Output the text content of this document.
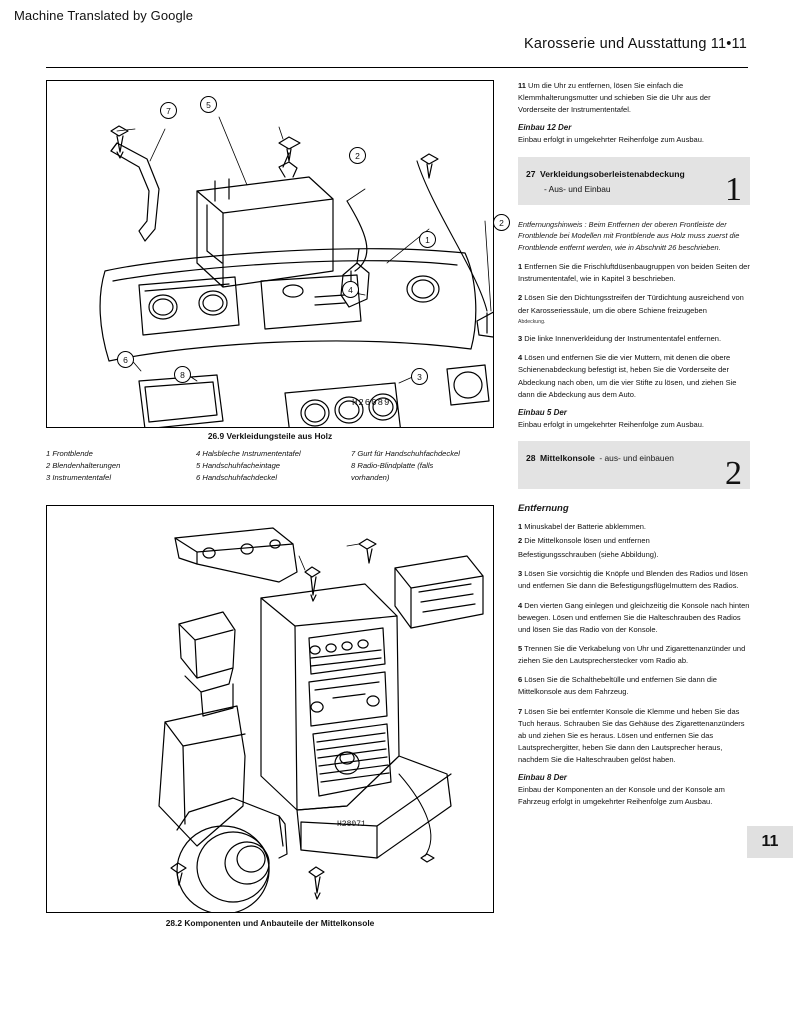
Machine Translated by Google
Karosserie und Ausstattung 11•11
7
5
2
1
2
4
6
8	3
H26089
26.9 Verkleidungsteile aus Holz
1 Frontblende
2 Blendenhalterungen
3 Instrumententafel
4 Halsbleche Instrumententafel
5 Handschuhfacheintage
6 Handschuhfachdeckel
7 Gurt für Handschuhfachdeckel
8 Radio-Blindplatte (falls
vorhanden)
H28071
28.2 Komponenten und Anbauteile der Mittelkonsole
11 Um die Uhr zu entfernen, lösen Sie einfach die Klemmhalterungsmutter und schieben Sie die Uhr aus der Vorderseite der Instrumententafel.
Einbau 12 Der
Einbau erfolgt in umgekehrter Reihenfolge zum Ausbau.
27 Verkleidungsoberleistenabdeckung
- Aus- und Einbau	1
Entfernungshinweis : Beim Entfernen der oberen Frontleiste der Frontblende bei Modellen mit Frontblende aus Holz muss zuerst die Frontblende entfernt werden, wie in Abschnitt 26 beschrieben.
1 Entfernen Sie die Frischluftdüsenbaugruppen von beiden Seiten der Instrumententafel, wie in Kapitel 3 beschrieben.
2 Lösen Sie den Dichtungsstreifen der Türdichtung ausreichend von der Karosseriessäule, um die obere Schiene freizugeben
Abdeckung.
3 Die linke Innenverkleidung der Instrumententafel entfernen.
4 Lösen und entfernen Sie die vier Muttern, mit denen die obere Schienenabdeckung befestigt ist, heben Sie die Vorderseite der Abdeckung nach oben, um die vier Stifte zu lösen, und ziehen Sie dann die Abdeckung aus dem Auto.
Einbau 5 Der
Einbau erfolgt in umgekehrter Reihenfolge zum Ausbau.
28 Mittelkonsole - aus- und einbauen 2
Entfernung
1 Minuskabel der Batterie abklemmen.
2 Die Mittelkonsole lösen und entfernen
Befestigungsschrauben (siehe Abbildung).
3 Lösen Sie vorsichtig die Knöpfe und Blenden des Radios und lösen und entfernen Sie dann die Befestigungsflügelmuttern des Radios.
4 Den vierten Gang einlegen und gleichzeitig die Konsole nach hinten bewegen. Lösen und entfernen Sie die Halteschrauben des Radios und lösen Sie das Radio von der Konsole.
5 Trennen Sie die Verkabelung von Uhr und Zigarettenanzünder und ziehen Sie den Lautsprecherstecker vom Radio ab.
6 Lösen Sie die Schalthebeltülle und entfernen Sie dann die Mittelkonsole aus dem Fahrzeug.
7 Lösen Sie bei entfernter Konsole die Klemme und heben Sie das Tuch heraus. Schrauben Sie das Gehäuse des Zigarettenanzünders ab und ziehen Sie es heraus. Lösen und entfernen Sie das Lautsprechergitter, heben Sie dann den Lautsprecher heraus, nachdem Sie die Halteschrauben gelöst haben.
Einbau 8 Der
Einbau der Komponenten an der Konsole und der Konsole am Fahrzeug erfolgt in umgekehrter Reihenfolge zum Ausbau.
11
